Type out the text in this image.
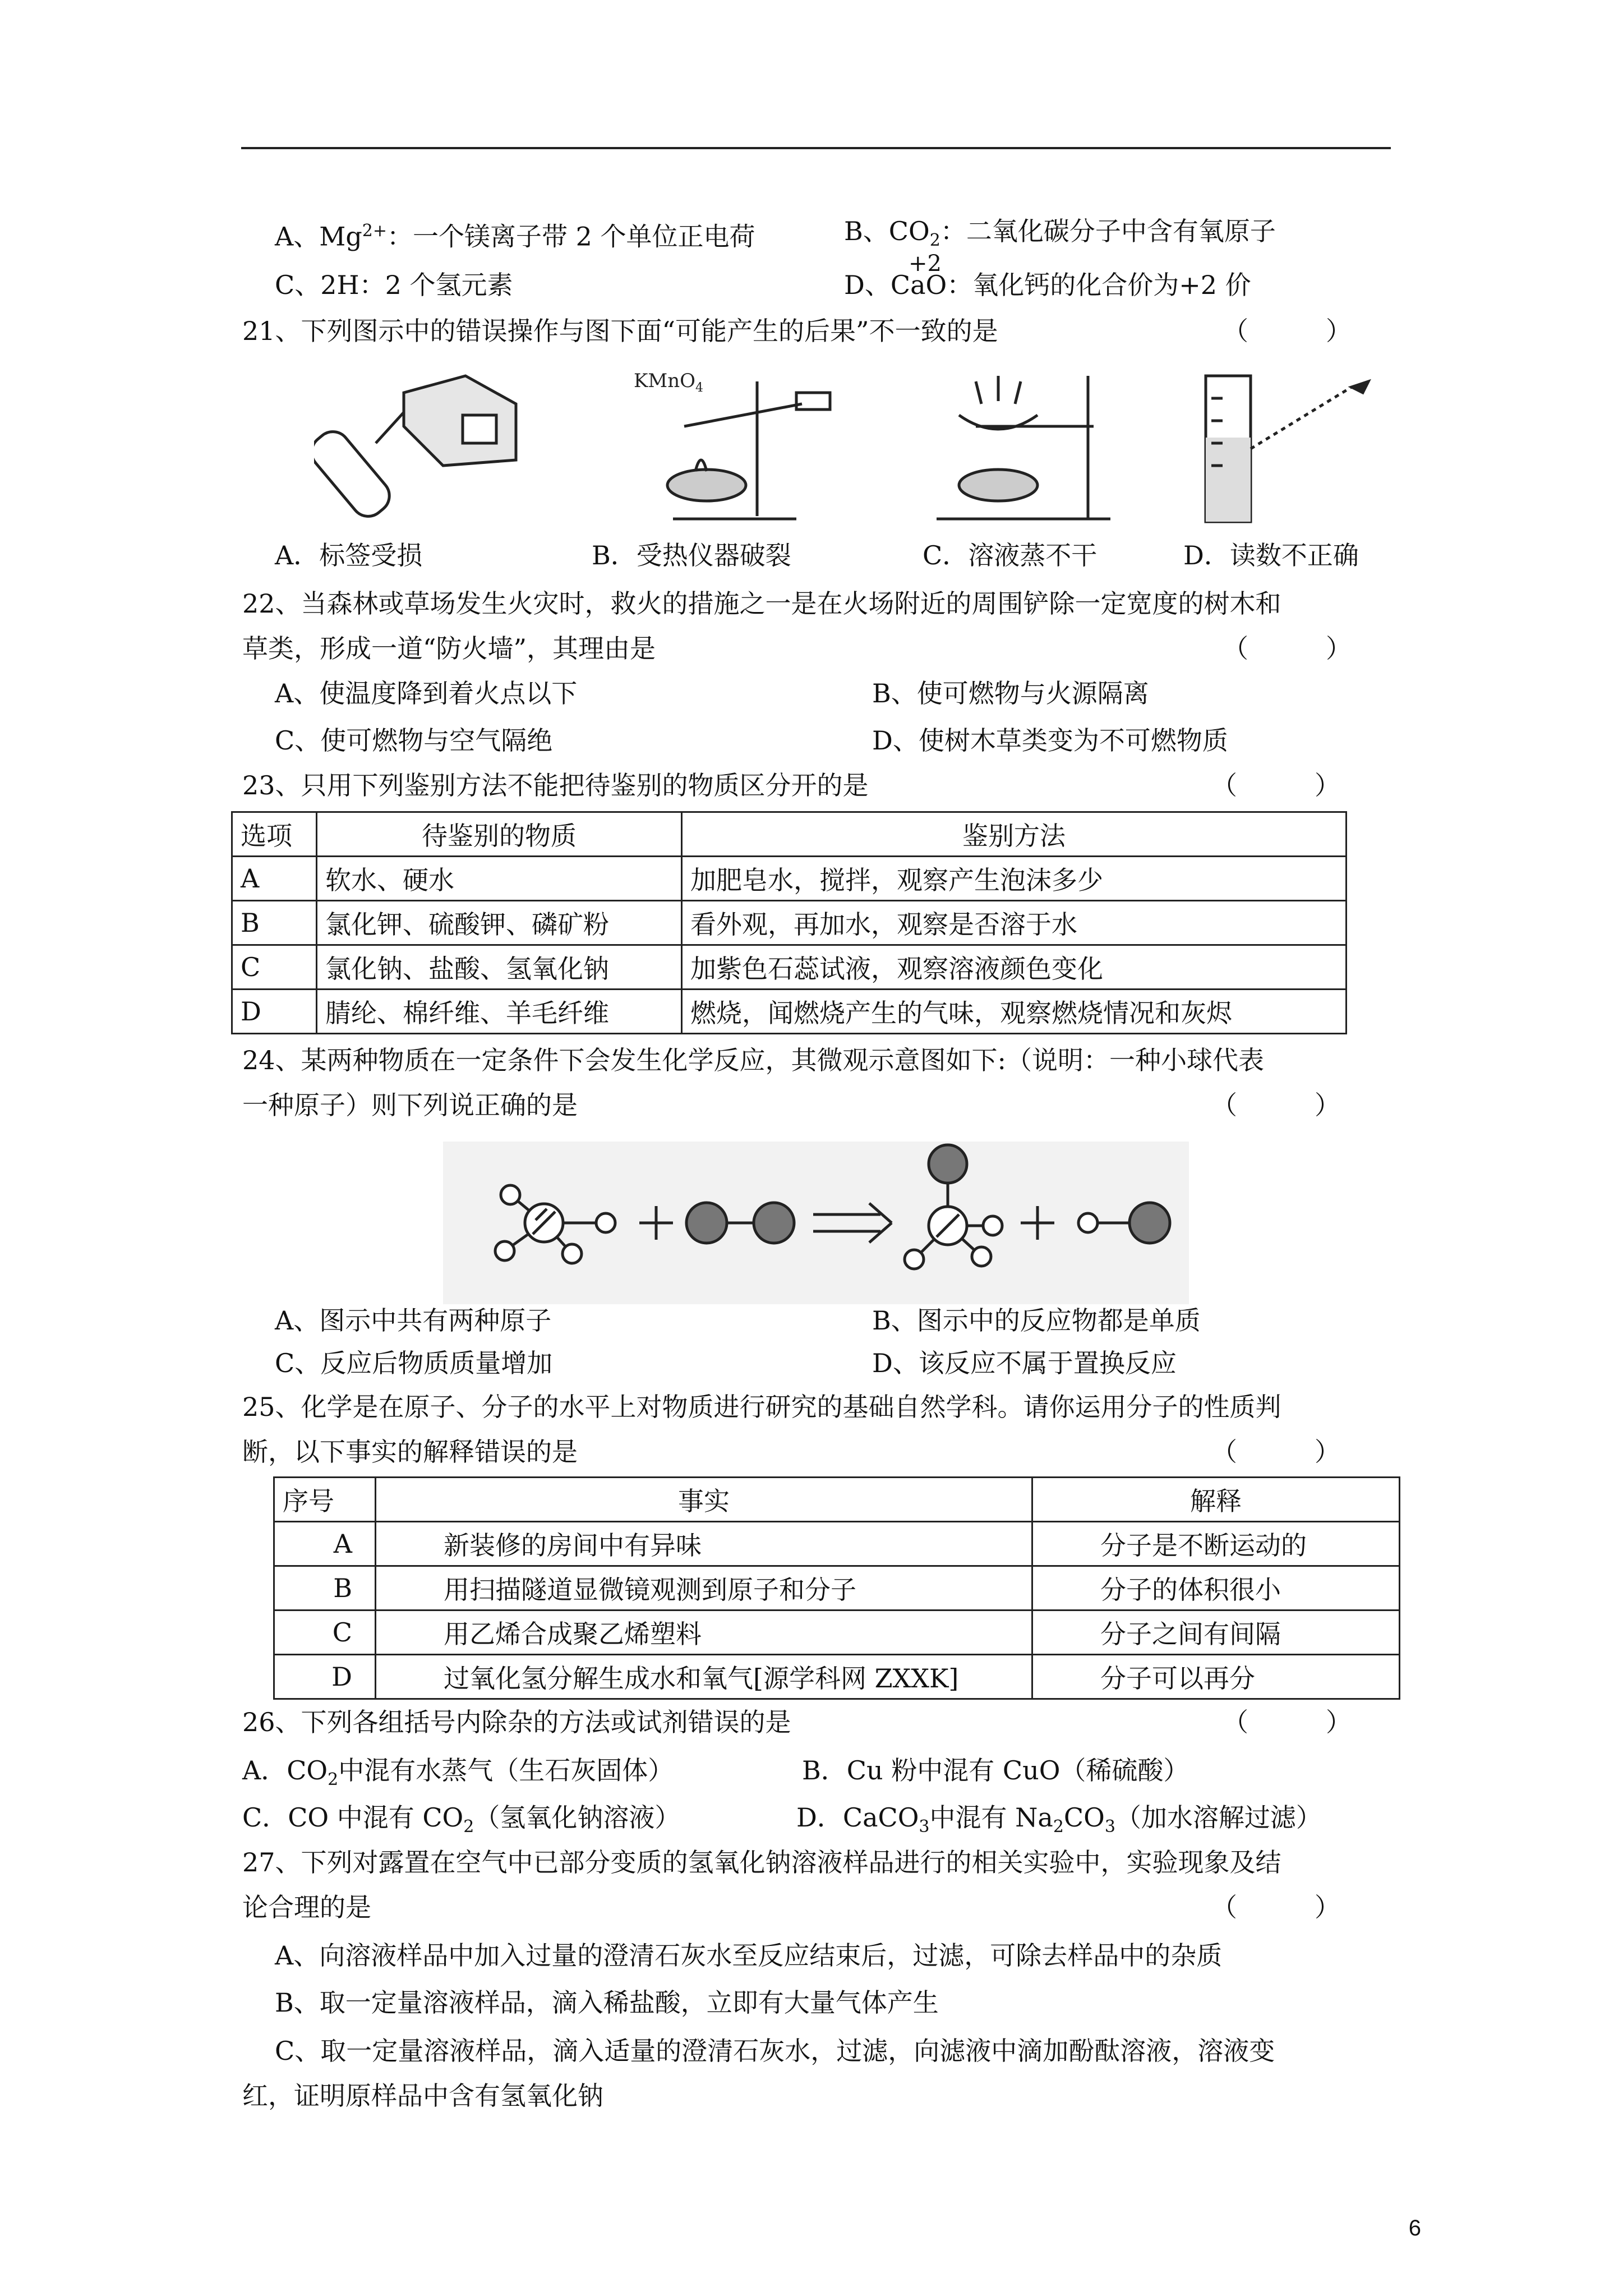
A、$Mg^{2+}$：一个镁离子带 2 个单位正电荷	B、$CO_2$：二氧化碳分子中含有氧原子
C、2H：2 个氢元素	D、CaO：氧化钙的化合价为+2 价
+2
21、下列图示中的错误操作与图下面“可能产生的后果”不一致的是	（　　　）
KMnO$_4$
A．标签受损	B．受热仪器破裂	C．溶液蒸不干	D．读数不正确
22、当森林或草场发生火灾时，救火的措施之一是在火场附近的周围铲除一定宽度的树木和
草类，形成一道“防火墙”，其理由是	（　　　）
A、使温度降到着火点以下	B、使可燃物与火源隔离
C、使可燃物与空气隔绝	D、使树木草类变为不可燃物质
23、只用下列鉴别方法不能把待鉴别的物质区分开的是	（　　　）
选项	待鉴别的物质	鉴别方法
A	软水、硬水	加肥皂水，搅拌，观察产生泡沫多少
B	氯化钾、硫酸钾、磷矿粉	看外观，再加水，观察是否溶于水
C	氯化钠、盐酸、氢氧化钠	加紫色石蕊试液，观察溶液颜色变化
D	腈纶、棉纤维、羊毛纤维	燃烧，闻燃烧产生的气味，观察燃烧情况和灰烬
24、某两种物质在一定条件下会发生化学反应，其微观示意图如下:（说明：一种小球代表
一种原子）则下列说正确的是	（　　　）
A、图示中共有两种原子	B、图示中的反应物都是单质
C、反应后物质质量增加	D、该反应不属于置换反应
25、化学是在原子、分子的水平上对物质进行研究的基础自然学科。请你运用分子的性质判
断，以下事实的解释错误的是	（　　　）
序号	事实	解释
A	新装修的房间中有异味	分子是不断运动的
B	用扫描隧道显微镜观测到原子和分子	分子的体积很小
C	用乙烯合成聚乙烯塑料	分子之间有间隔
D	过氧化氢分解生成水和氧气[源学科网 ZXXK]	分子可以再分
26、下列各组括号内除杂的方法或试剂错误的是	（　　　）
A．$CO_2$中混有水蒸气（生石灰固体）	B．Cu 粉中混有 CuO（稀硫酸）
C．CO 中混有 $CO_2$（氢氧化钠溶液）	D．CaCO$_3$中混有 $Na_2CO_3$（加水溶解过滤）
27、下列对露置在空气中已部分变质的氢氧化钠溶液样品进行的相关实验中，实验现象及结
论合理的是	（　　　）
A、向溶液样品中加入过量的澄清石灰水至反应结束后，过滤，可除去样品中的杂质
B、取一定量溶液样品，滴入稀盐酸，立即有大量气体产生
C、取一定量溶液样品，滴入适量的澄清石灰水，过滤，向滤液中滴加酚酞溶液，溶液变
红，证明原样品中含有氢氧化钠
6
